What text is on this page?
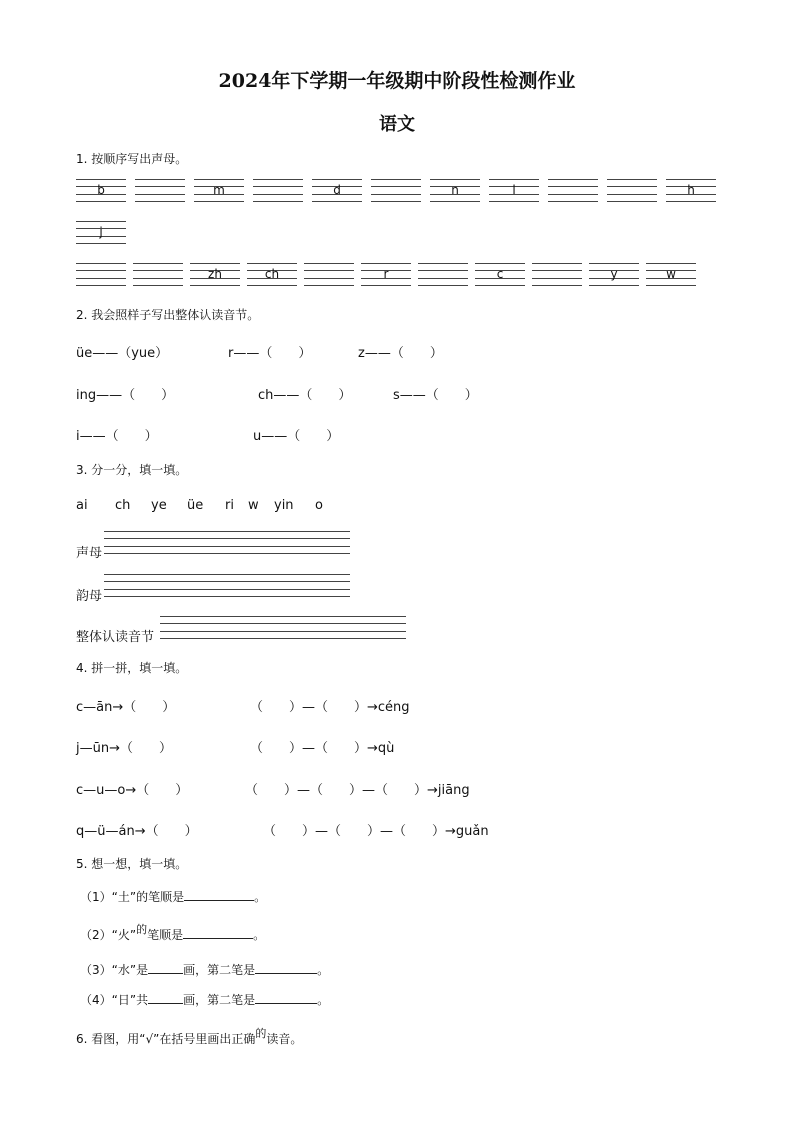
2024年下学期一年级期中阶段性检测作业
语文
1. 按顺序写出声母。
b	m	d	n	l	h
j
zh	ch	r	c	y	w
2. 我会照样子写出整体认读音节。
üe——（yue）	r——（　　）	z——（　　）
ing——（　　）	ch——（　　）	s——（　　）
i——（　　）	u——（　　）
3. 分一分，填一填。
ai ch ye üe ri w yin o
声母
韵母
整体认读音节
4. 拼一拼，填一填。
c—ān→（　　）	（　　）—（　　）→céng
j—ūn→（　　）	（　　）—（　　）→qù
c—u—o→（　　）	（　　）—（　　）—（　　）→jiāng
q—ü—án→（　　）	（　　）—（　　）—（　　）→guǎn
5. 想一想，填一填。
（1）“土”的笔顺是	。
（2）“火”的笔顺是	。
（3）“水”是	画，第二笔是	。
（4）“日”共	画，第二笔是	。
6. 看图，用“√”在括号里画出正确的读音。
